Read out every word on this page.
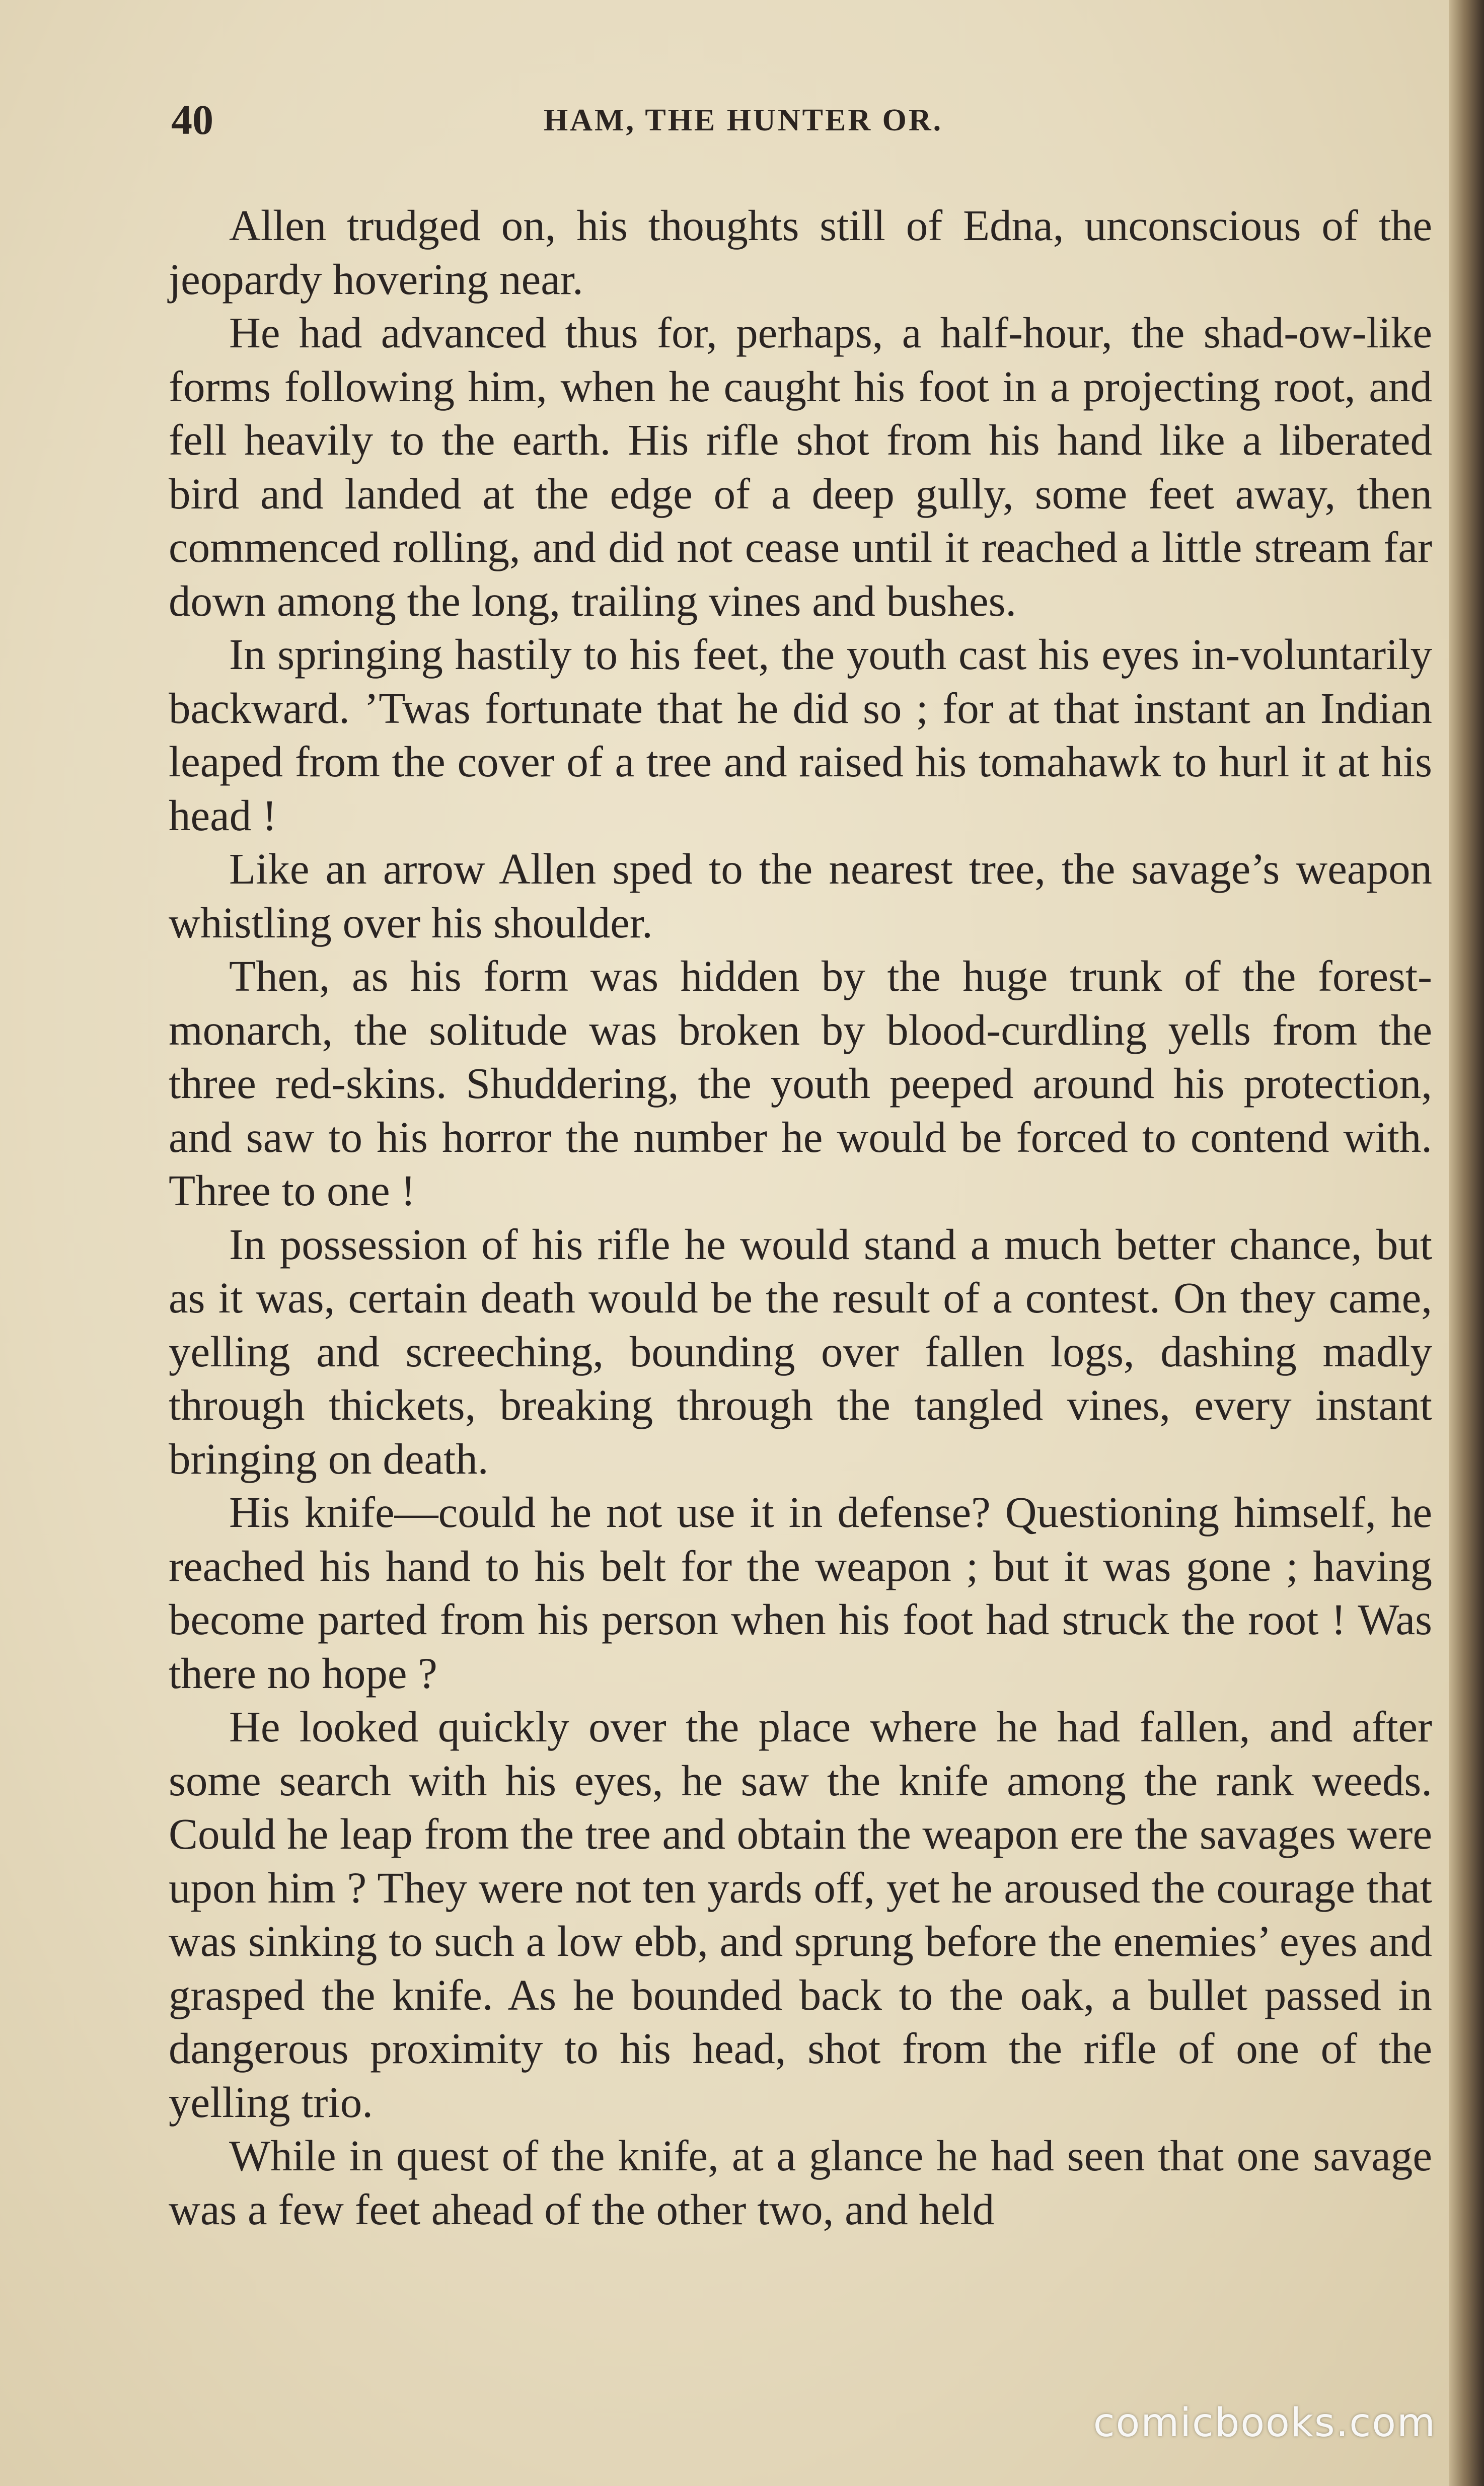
40	HAM, THE HUNTER OR.

Allen trudged on, his thoughts still of Edna, unconscious of the jeopardy hovering near.

He had advanced thus for, perhaps, a half-hour, the shad-ow-like forms following him, when he caught his foot in a projecting root, and fell heavily to the earth. His rifle shot from his hand like a liberated bird and landed at the edge of a deep gully, some feet away, then commenced rolling, and did not cease until it reached a little stream far down among the long, trailing vines and bushes.

In springing hastily to his feet, the youth cast his eyes in-voluntarily backward. ’Twas fortunate that he did so ; for at that instant an Indian leaped from the cover of a tree and raised his tomahawk to hurl it at his head !

Like an arrow Allen sped to the nearest tree, the savage’s weapon whistling over his shoulder.

Then, as his form was hidden by the huge trunk of the forest-monarch, the solitude was broken by blood-curdling yells from the three red-skins. Shuddering, the youth peeped around his protection, and saw to his horror the number he would be forced to contend with. Three to one !

In possession of his rifle he would stand a much better chance, but as it was, certain death would be the result of a contest. On they came, yelling and screeching, bounding over fallen logs, dashing madly through thickets, breaking through the tangled vines, every instant bringing on death.

His knife—could he not use it in defense? Questioning himself, he reached his hand to his belt for the weapon ; but it was gone ; having become parted from his person when his foot had struck the root ! Was there no hope ?

He looked quickly over the place where he had fallen, and after some search with his eyes, he saw the knife among the rank weeds. Could he leap from the tree and obtain the weapon ere the savages were upon him ? They were not ten yards off, yet he aroused the courage that was sinking to such a low ebb, and sprung before the enemies’ eyes and grasped the knife. As he bounded back to the oak, a bullet passed in dangerous proximity to his head, shot from the rifle of one of the yelling trio.

While in quest of the knife, at a glance he had seen that one savage was a few feet ahead of the other two, and held

comicbooks.com
